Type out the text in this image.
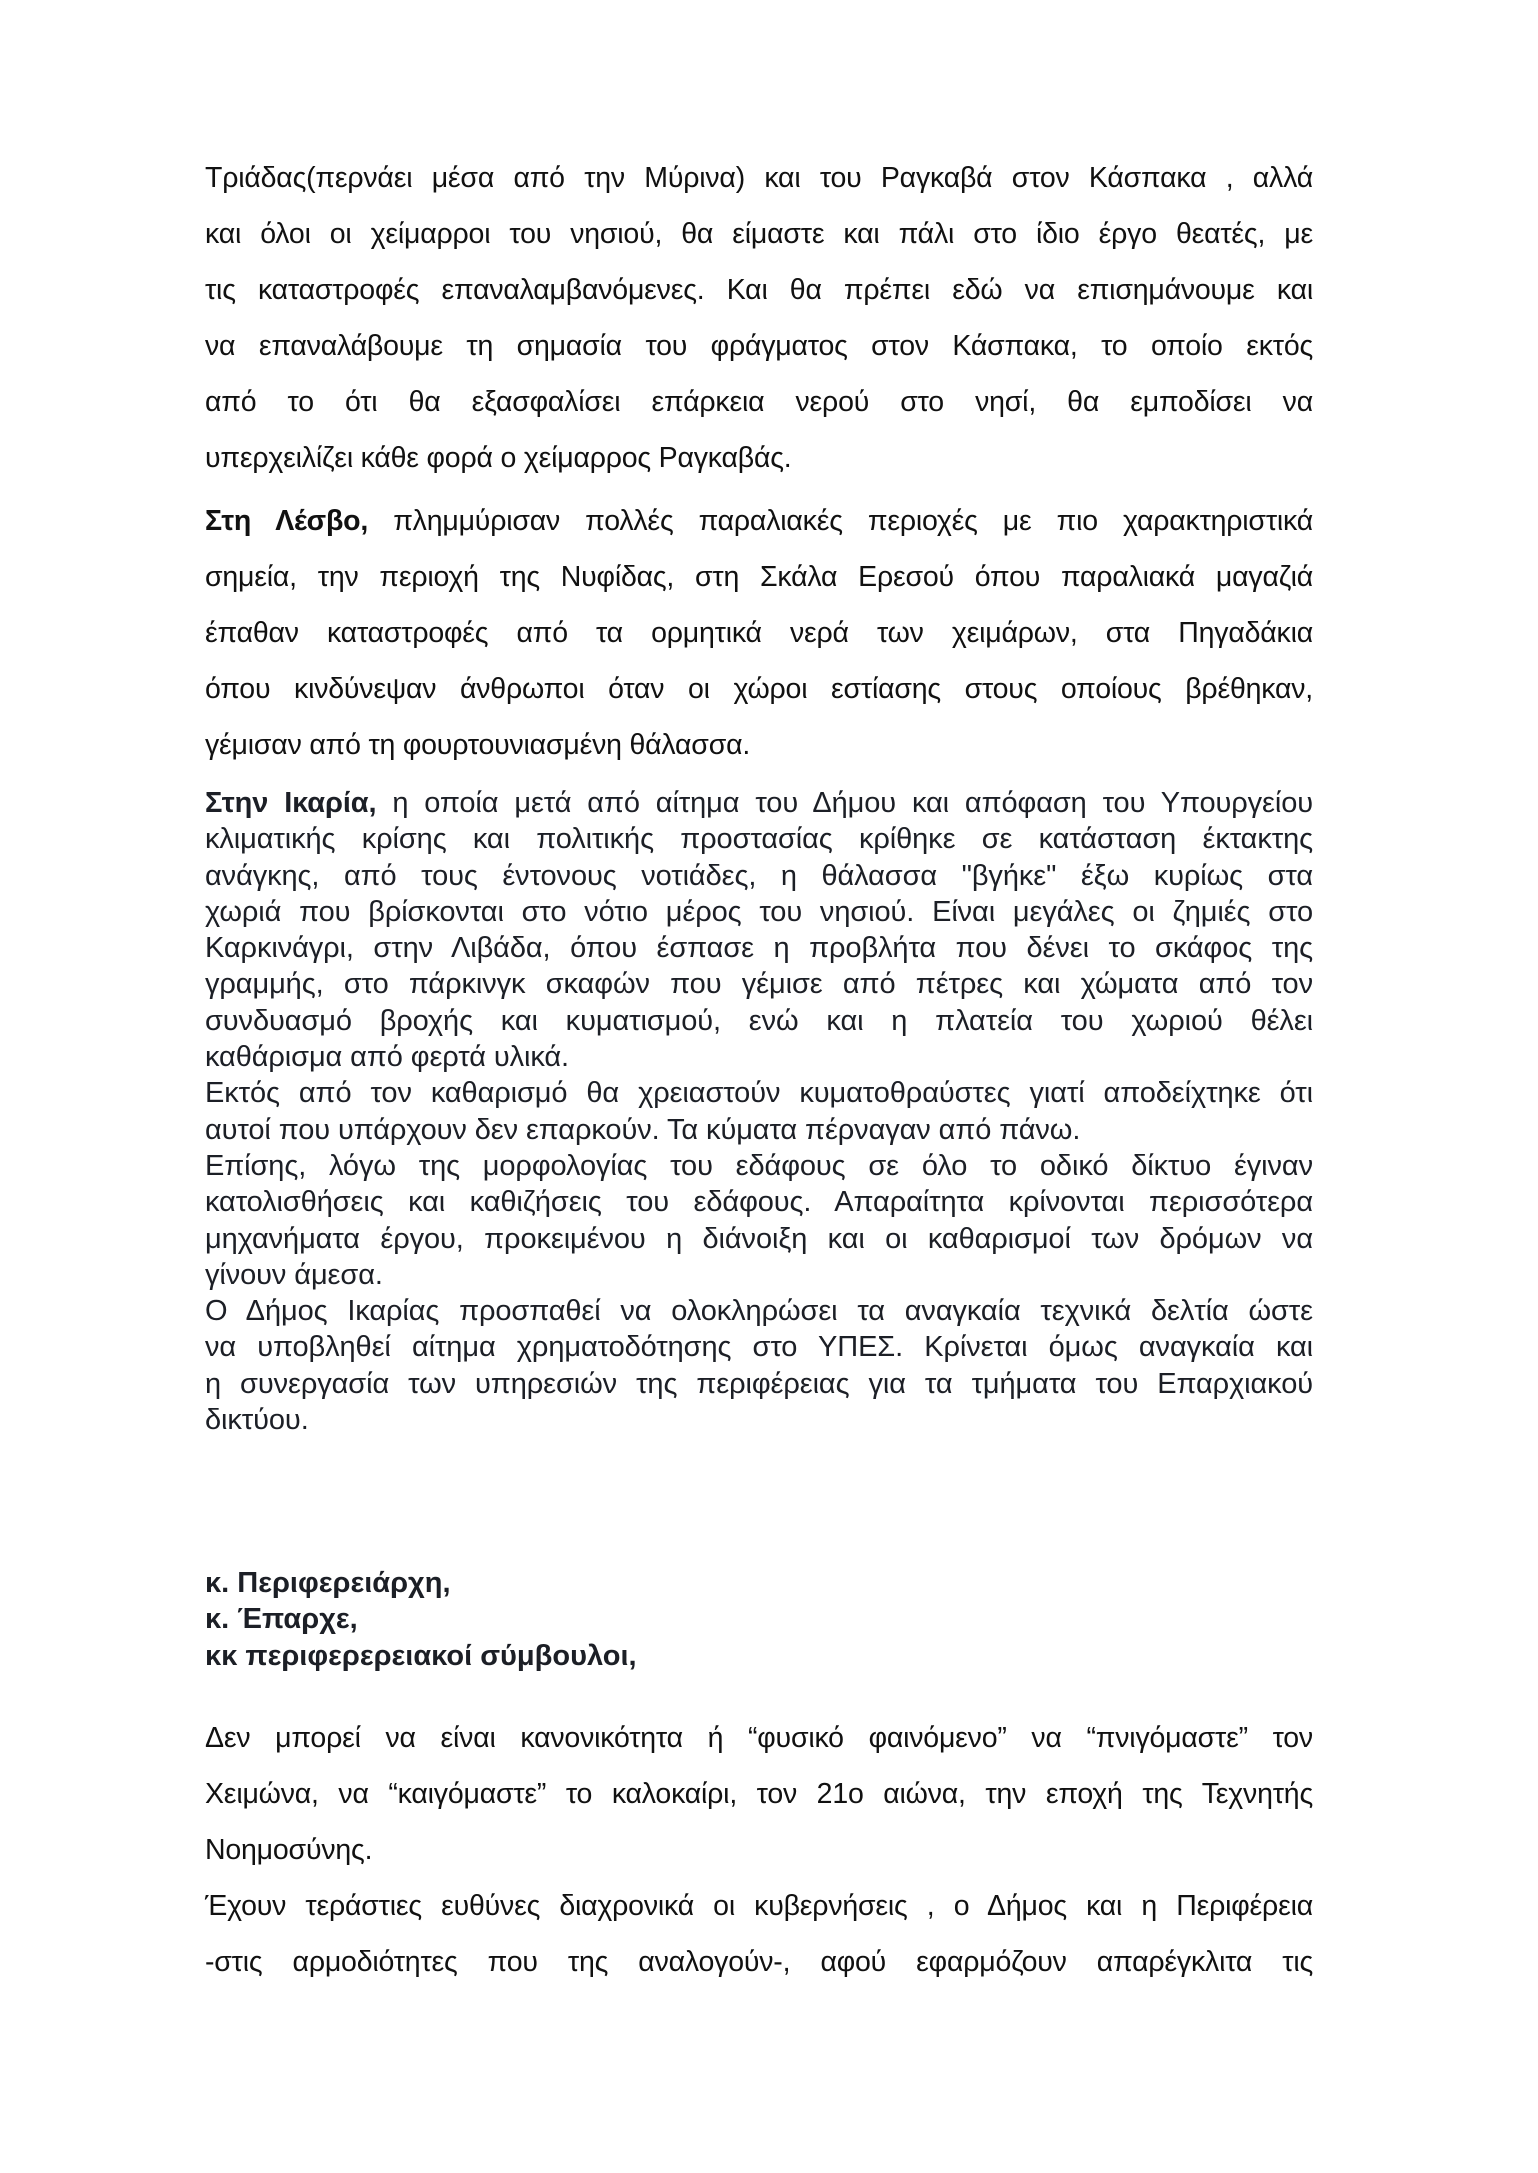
Τριάδας(περνάει μέσα από την Μύρινα) και του Ραγκαβά στον Κάσπακα , αλλά
και όλοι οι χείμαρροι του νησιού, θα είμαστε και πάλι στο ίδιο έργο θεατές, με
τις καταστροφές επαναλαμβανόμενες. Και θα πρέπει εδώ να επισημάνουμε και
να επαναλάβουμε τη σημασία του φράγματος στον Κάσπακα, το οποίο εκτός
από το ότι θα εξασφαλίσει επάρκεια νερού στο νησί, θα εμποδίσει να
υπερχειλίζει κάθε φορά ο χείμαρρος Ραγκαβάς.

Στη Λέσβο, πλημμύρισαν πολλές παραλιακές περιοχές με πιο χαρακτηριστικά
σημεία, την περιοχή της Νυφίδας, στη Σκάλα Ερεσού όπου παραλιακά μαγαζιά
έπαθαν καταστροφές από τα ορμητικά νερά των χειμάρων, στα Πηγαδάκια
όπου κινδύνεψαν άνθρωποι όταν οι χώροι εστίασης στους οποίους βρέθηκαν,
γέμισαν από τη φουρτουνιασμένη θάλασσα.

Στην Ικαρία, η οποία μετά από αίτημα του Δήμου και απόφαση του Υπουργείου
κλιματικής κρίσης και πολιτικής προστασίας κρίθηκε σε κατάσταση έκτακτης
ανάγκης, από τους έντονους νοτιάδες, η θάλασσα "βγήκε" έξω κυρίως στα
χωριά που βρίσκονται στο νότιο μέρος του νησιού. Είναι μεγάλες οι ζημιές στο
Καρκινάγρι, στην Λιβάδα, όπου έσπασε η προβλήτα που δένει το σκάφος της
γραμμής, στο πάρκινγκ σκαφών που γέμισε από πέτρες και χώματα από τον
συνδυασμό βροχής και κυματισμού, ενώ και η πλατεία του χωριού θέλει
καθάρισμα από φερτά υλικά.
Εκτός από τον καθαρισμό θα χρειαστούν κυματοθραύστες γιατί αποδείχτηκε ότι
αυτοί που υπάρχουν δεν επαρκούν. Τα κύματα πέρναγαν από πάνω.
Επίσης, λόγω της μορφολογίας του εδάφους σε όλο το οδικό δίκτυο έγιναν
κατολισθήσεις και καθιζήσεις του εδάφους. Απαραίτητα κρίνονται περισσότερα
μηχανήματα έργου, προκειμένου η διάνοιξη και οι καθαρισμοί των δρόμων να
γίνουν άμεσα.
Ο Δήμος Ικαρίας προσπαθεί να ολοκληρώσει τα αναγκαία τεχνικά δελτία ώστε
να υποβληθεί αίτημα χρηματοδότησης στο ΥΠΕΣ. Κρίνεται όμως αναγκαία και
η συνεργασία των υπηρεσιών της περιφέρειας για τα τμήματα του Επαρχιακού
δικτύου.

κ. Περιφερειάρχη,
κ. Έπαρχε,
κκ περιφερερειακοί σύμβουλοι,

Δεν μπορεί να είναι κανονικότητα ή “φυσικό φαινόμενο” να “πνιγόμαστε” τον
Χειμώνα, να “καιγόμαστε” το καλοκαίρι, τον 21ο αιώνα, την εποχή της Τεχνητής
Νοημοσύνης.

Έχουν τεράστιες ευθύνες διαχρονικά οι κυβερνήσεις , ο Δήμος και η Περιφέρεια
-στις αρμοδιότητες που της αναλογούν-, αφού εφαρμόζουν απαρέγκλιτα τις
